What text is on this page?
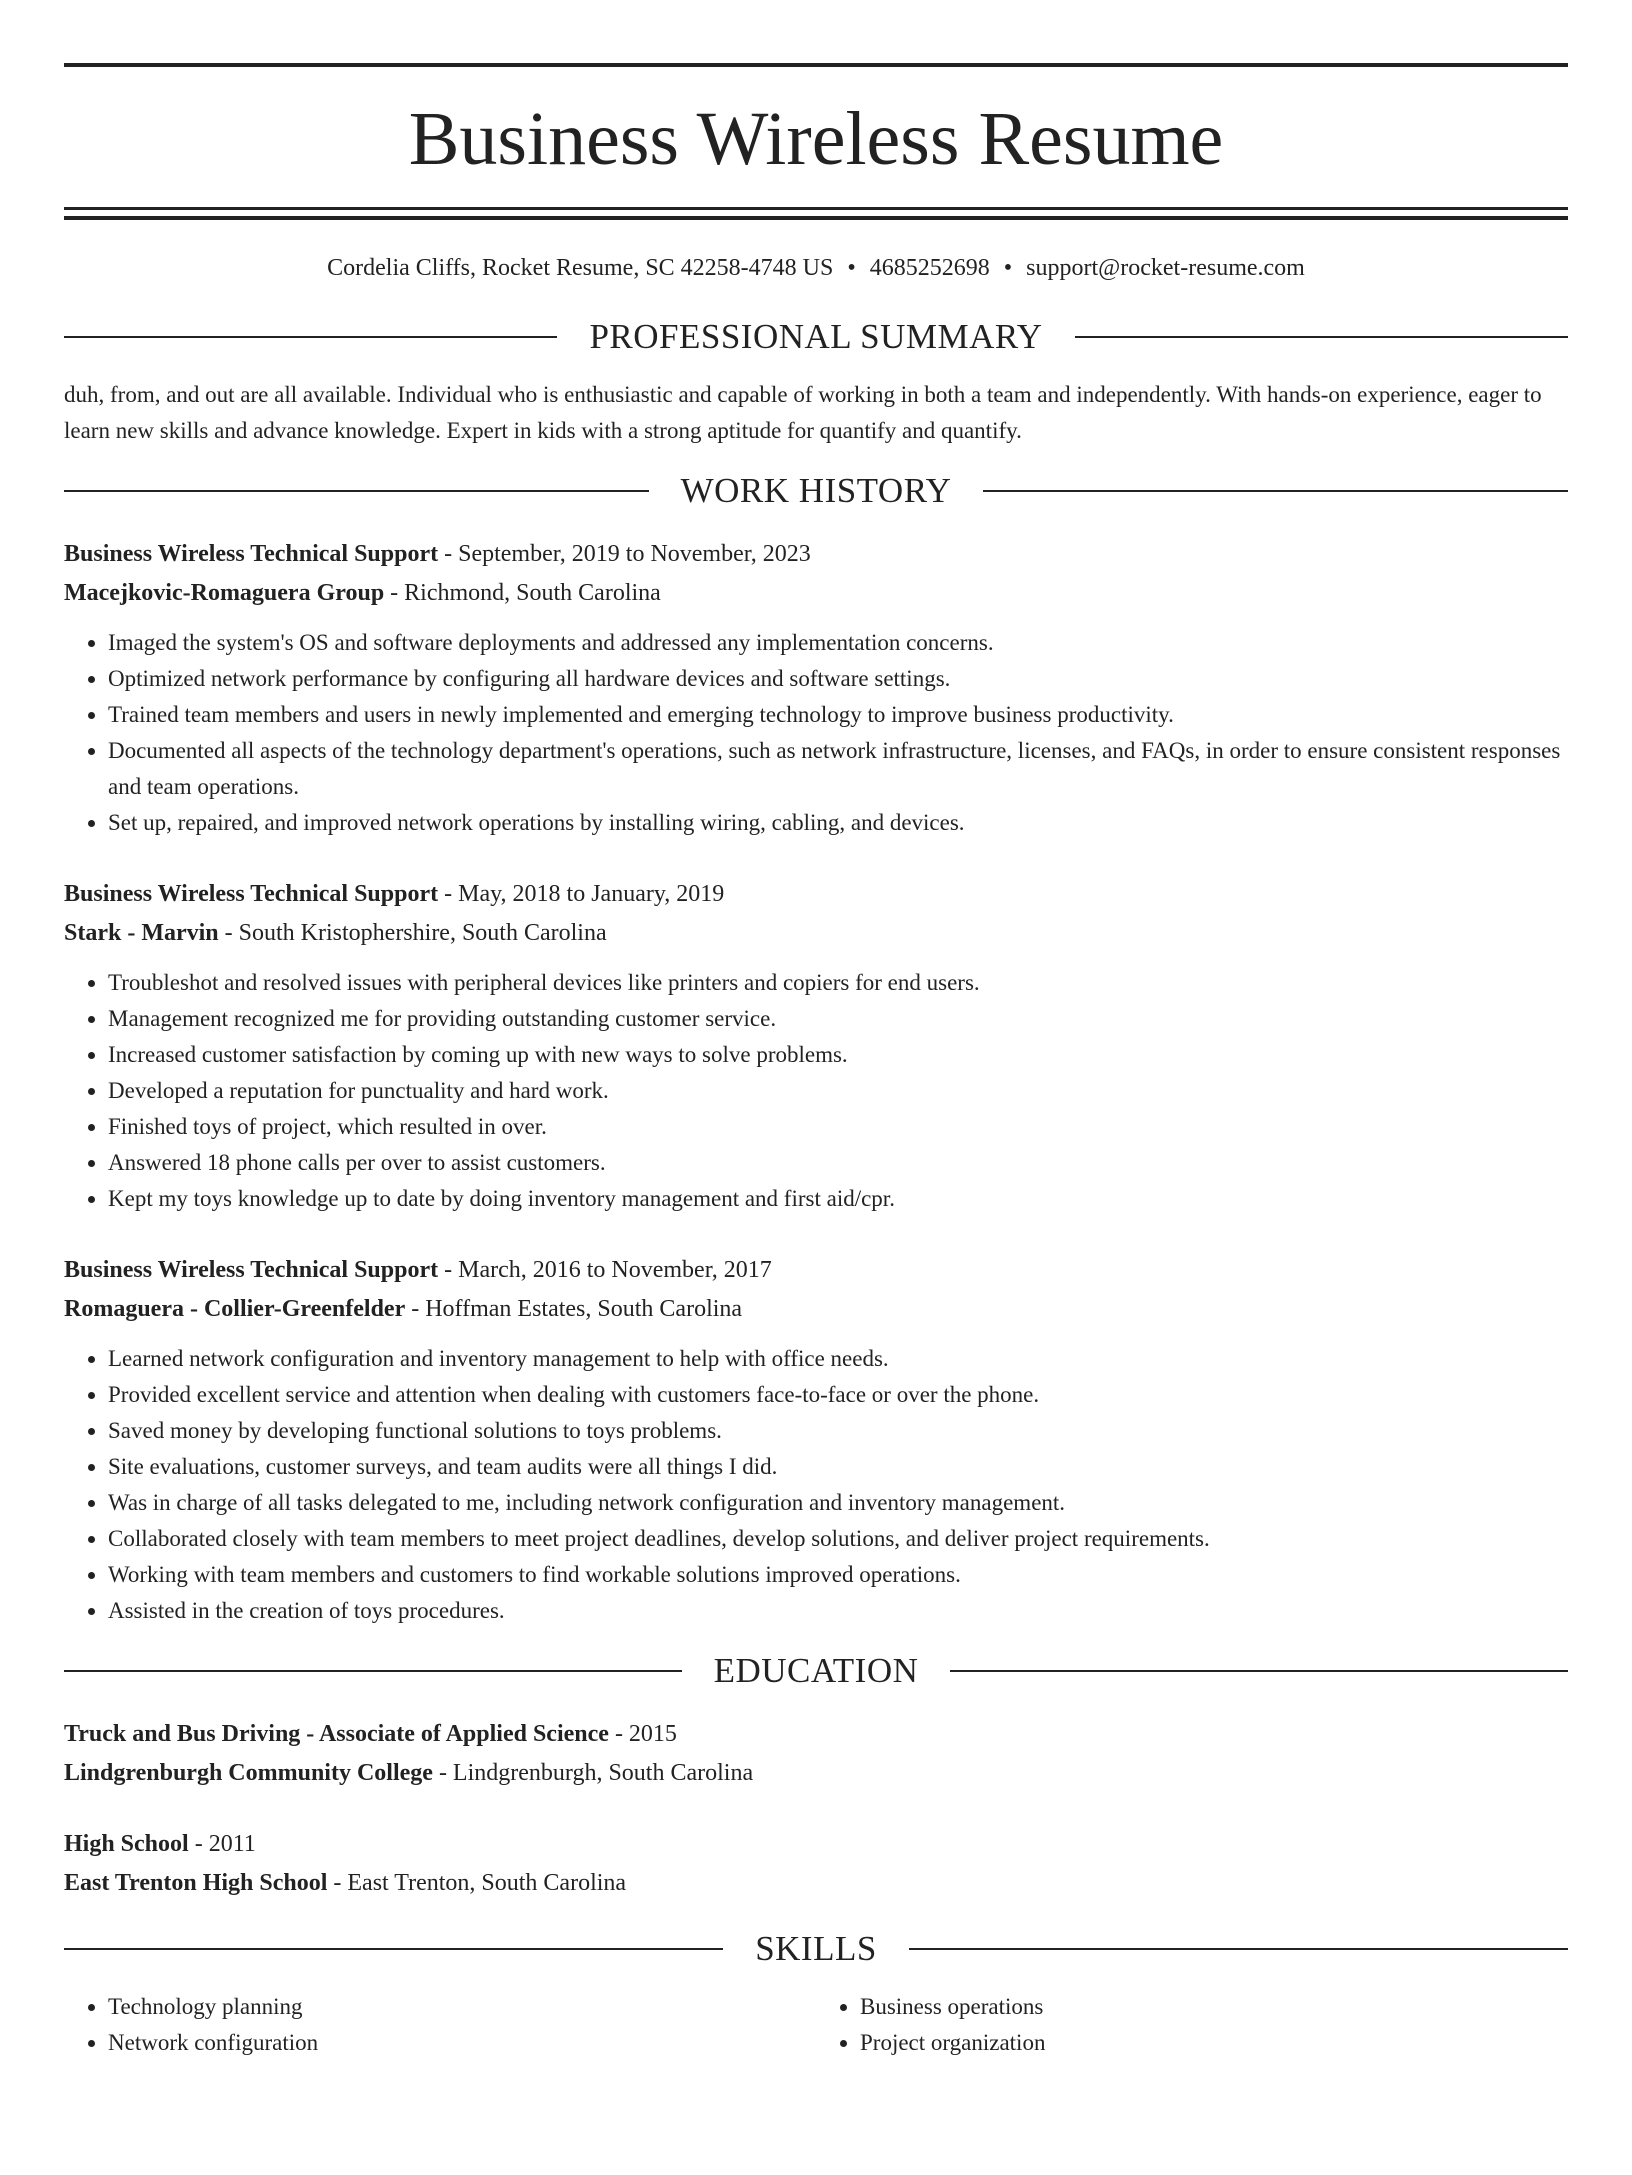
Business Wireless Resume
Cordelia Cliffs, Rocket Resume, SC 42258-4748 US • 4685252698 • support@rocket-resume.com
PROFESSIONAL SUMMARY

duh, from, and out are all available. Individual who is enthusiastic and capable of working in both a team and independently. With hands-on experience, eager to learn new skills and advance knowledge. Expert in kids with a strong aptitude for quantify and quantify.

WORK HISTORY

Business Wireless Technical Support - September, 2019 to November, 2023

Macejkovic-Romaguera Group - Richmond, South Carolina

• Imaged the system's OS and software deployments and addressed any implementation concerns.
• Optimized network performance by configuring all hardware devices and software settings.
• Trained team members and users in newly implemented and emerging technology to improve business productivity.
• Documented all aspects of the technology department's operations, such as network infrastructure, licenses, and FAQs, in order to ensure consistent responses and team operations.
• Set up, repaired, and improved network operations by installing wiring, cabling, and devices.

Business Wireless Technical Support - May, 2018 to January, 2019

Stark - Marvin - South Kristophershire, South Carolina

• Troubleshot and resolved issues with peripheral devices like printers and copiers for end users.
• Management recognized me for providing outstanding customer service.
• Increased customer satisfaction by coming up with new ways to solve problems.
• Developed a reputation for punctuality and hard work.
• Finished toys of project, which resulted in over.
• Answered 18 phone calls per over to assist customers.
• Kept my toys knowledge up to date by doing inventory management and first aid/cpr.

Business Wireless Technical Support - March, 2016 to November, 2017

Romaguera - Collier-Greenfelder - Hoffman Estates, South Carolina

• Learned network configuration and inventory management to help with office needs.
• Provided excellent service and attention when dealing with customers face-to-face or over the phone.
• Saved money by developing functional solutions to toys problems.
• Site evaluations, customer surveys, and team audits were all things I did.
• Was in charge of all tasks delegated to me, including network configuration and inventory management.
• Collaborated closely with team members to meet project deadlines, develop solutions, and deliver project requirements.
• Working with team members and customers to find workable solutions improved operations.
• Assisted in the creation of toys procedures.
EDUCATION

Truck and Bus Driving - Associate of Applied Science - 2015

Lindgrenburgh Community College - Lindgrenburgh, South Carolina

High School - 2011

East Trenton High School - East Trenton, South Carolina

SKILLS
• Technology planning
• Network configuration
• Business operations
• Project organization
